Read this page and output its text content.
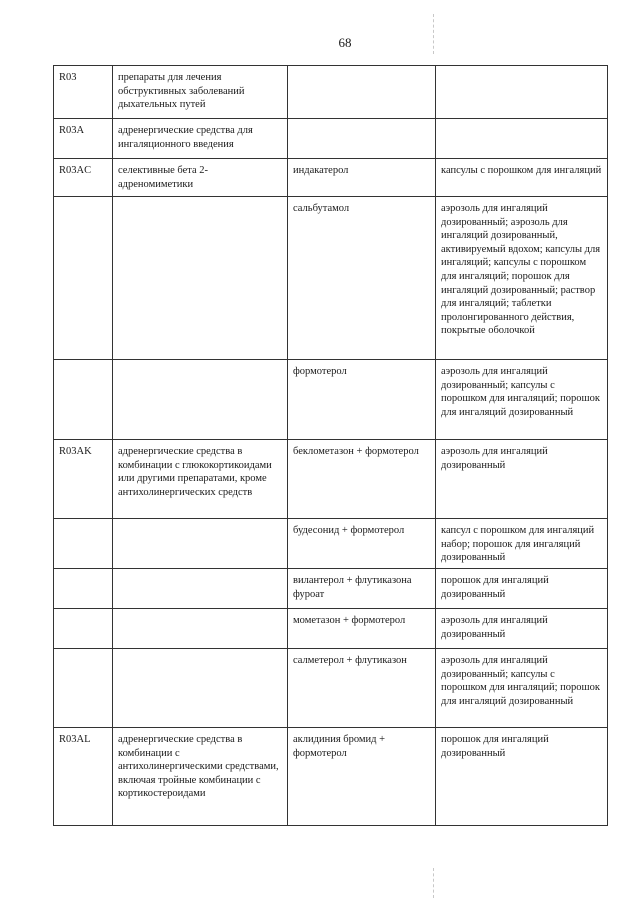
68
R03	препараты для лечения обструктивных заболеваний дыхательных путей		
R03A	адренергические средства для ингаляционного введения		
R03AC	селективные бета 2-адреномиметики	индакатерол	капсулы с порошком для ингаляций
		сальбутамол	аэрозоль для ингаляций дозированный; аэрозоль для ингаляций дозированный, активируемый вдохом; капсулы для ингаляций; капсулы с порошком для ингаляций; порошок для ингаляций дозированный; раствор для ингаляций; таблетки пролонгированного действия, покрытые оболочкой
		формотерол	аэрозоль для ингаляций дозированный; капсулы с порошком для ингаляций; порошок для ингаляций дозированный
R03AK	адренергические средства в комбинации с глюкокортикоидами или другими препаратами, кроме антихолинергических средств	беклометазон + формотерол	аэрозоль для ингаляций дозированный
		будесонид + формотерол	капсул с порошком для ингаляций набор; порошок для ингаляций дозированный
		вилантерол + флутиказона фуроат	порошок для ингаляций дозированный
		мометазон + формотерол	аэрозоль для ингаляций дозированный
		салметерол + флутиказон	аэрозоль для ингаляций дозированный; капсулы с порошком для ингаляций; порошок для ингаляций дозированный
R03AL	адренергические средства в комбинации с антихолинергическими средствами, включая тройные комбинации с кортикостероидами	аклидиния бромид + формотерол	порошок для ингаляций дозированный
